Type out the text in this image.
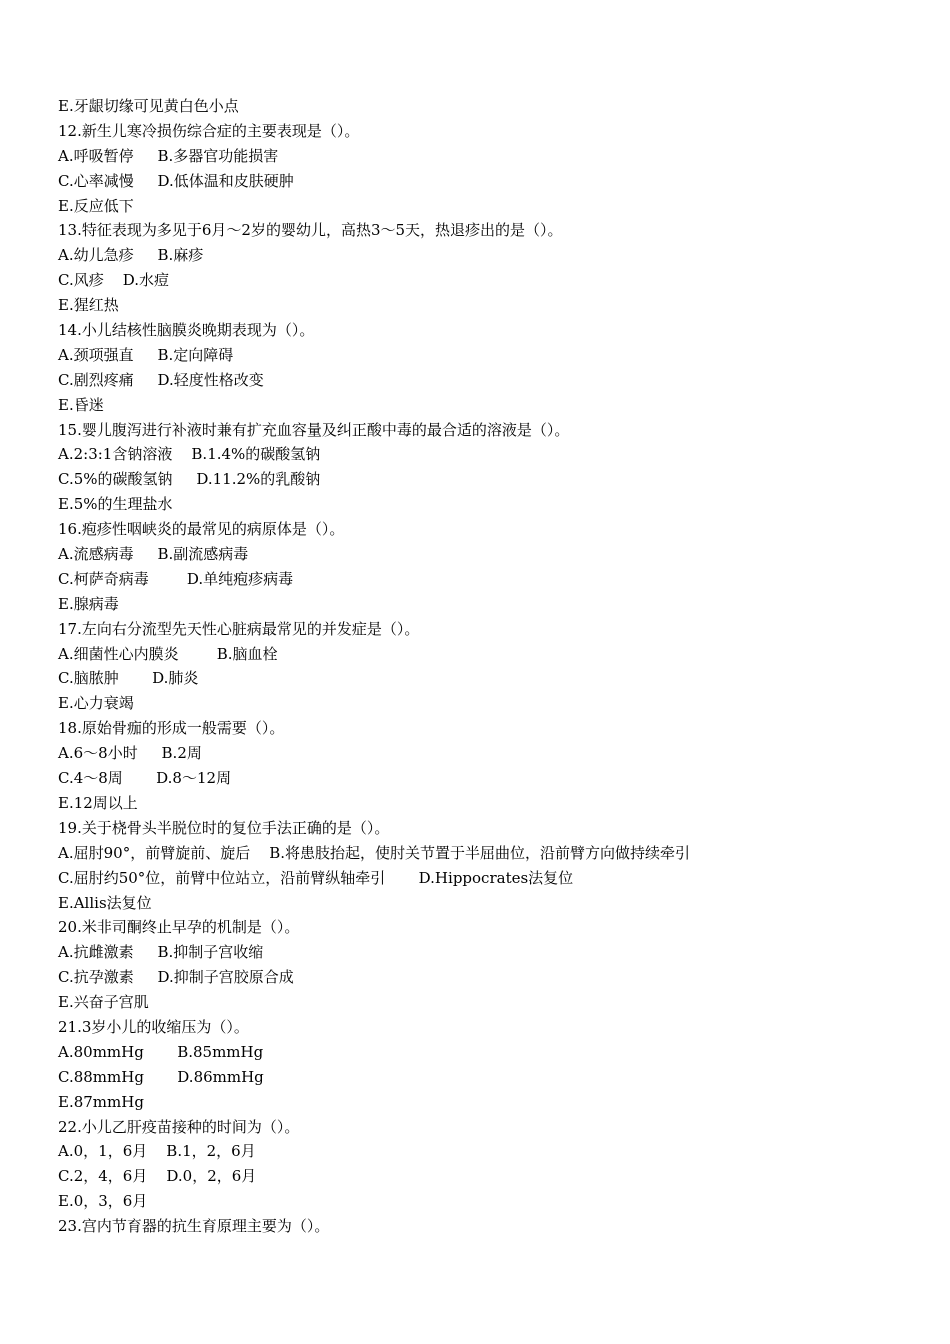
E.牙龈切缘可见黄白色小点
12.新生儿寒冷损伤综合症的主要表现是（）。
A.呼吸暂停     B.多器官功能损害
C.心率减慢     D.低体温和皮肤硬肿
E.反应低下
13.特征表现为多见于6月～2岁的婴幼儿，高热3～5天，热退疹出的是（）。
A.幼儿急疹     B.麻疹
C.风疹    D.水痘
E.猩红热
14.小儿结核性脑膜炎晚期表现为（）。
A.颈项强直     B.定向障碍
C.剧烈疼痛     D.轻度性格改变
E.昏迷
15.婴儿腹泻进行补液时兼有扩充血容量及纠正酸中毒的最合适的溶液是（）。
A.2:3:1含钠溶液    B.1.4%的碳酸氢钠
C.5%的碳酸氢钠     D.11.2%的乳酸钠
E.5%的生理盐水
16.疱疹性咽峡炎的最常见的病原体是（）。
A.流感病毒     B.副流感病毒
C.柯萨奇病毒        D.单纯疱疹病毒
E.腺病毒
17.左向右分流型先天性心脏病最常见的并发症是（）。
A.细菌性心内膜炎        B.脑血栓
C.脑脓肿       D.肺炎
E.心力衰竭
18.原始骨痂的形成一般需要（）。
A.6～8小时     B.2周
C.4～8周       D.8～12周
E.12周以上
19.关于桡骨头半脱位时的复位手法正确的是（）。
A.屈肘90°，前臂旋前、旋后    B.将患肢抬起，使肘关节置于半屈曲位，沿前臂方向做持续牵引
C.屈肘约50°位，前臂中位站立，沿前臂纵轴牵引       D.Hippocrates法复位
E.Allis法复位
20.米非司酮终止早孕的机制是（）。
A.抗雌激素     B.抑制子宫收缩
C.抗孕激素     D.抑制子宫胶原合成
E.兴奋子宫肌
21.3岁小儿的收缩压为（）。
A.80mmHg       B.85mmHg
C.88mmHg       D.86mmHg
E.87mmHg
22.小儿乙肝疫苗接种的时间为（）。
A.0，1，6月    B.1，2，6月
C.2，4，6月    D.0，2，6月
E.0，3，6月
23.宫内节育器的抗生育原理主要为（）。
